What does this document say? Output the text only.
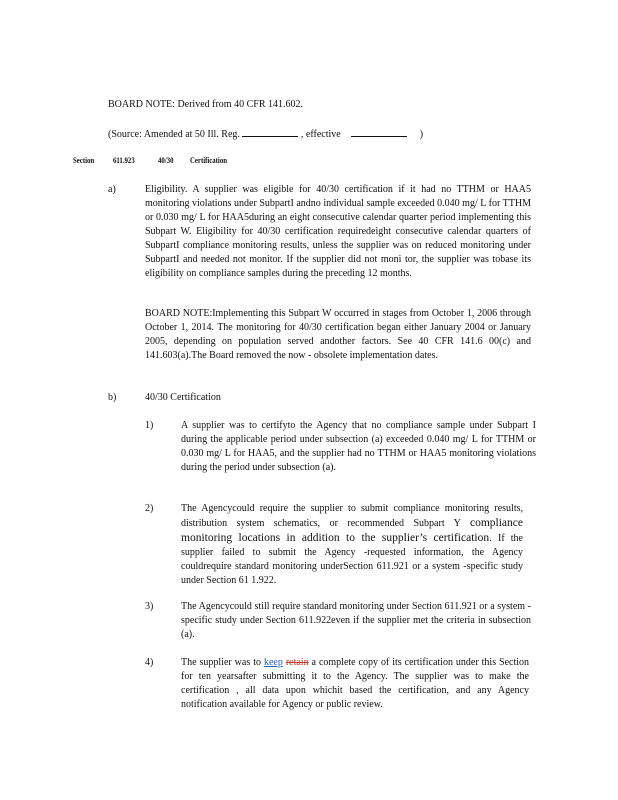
BOARD NOTE: Derived from 40 CFR 141.602.
(Source: Amended at 50 Ill. Reg.	, effective	)
Section 611.923	40/30 Certification
a)	Eligibility. A supplier was eligible for 40/30 certification if it had no TTHM or HAA5 monitoring violations under SubpartI andno individual sample exceeded 0.040 mg/ L for TTHM or 0.030 mg/ L for HAA5during an eight consecutive calendar quarter period implementing this Subpart W. Eligibility for 40/30 certification requiredeight consecutive calendar quarters of SubpartI compliance monitoring results, unless the supplier was on reduced monitoring under SubpartI and needed not monitor. If the supplier did not moni tor, the supplier was tobase its eligibility on compliance samples during the preceding 12 months.
BOARD NOTE:Implementing this Subpart W occurred in stages from October 1, 2006 through October 1, 2014. The monitoring for 40/30 certification began either January 2004 or January 2005, depending on population served andother factors. See 40 CFR 141.6 00(c) and 141.603(a).The Board removed the now - obsolete implementation dates.
b)	40/30 Certification
1)	A supplier was to certifyto the Agency that no compliance sample under Subpart I during the applicable period under subsection (a) exceeded 0.040 mg/ L for TTHM or 0.030 mg/ L for HAA5, and the supplier had no TTHM or HAA5 monitoring violations during the period under subsection (a).
2)	The Agencycould require the supplier to submit compliance monitoring results, distribution system schematics, or recommended Subpart Y compliance monitoring locations in addition to the supplier’s certification. If the supplier failed to submit the Agency -requested information, the Agency couldrequire standard monitoring underSection 611.921 or a system -specific study under Section 61 1.922.
3)	The Agencycould still require standard monitoring under Section 611.921 or a system -specific study under Section 611.922even if the supplier met the criteria in subsection (a).
4)	The supplier was to keep retain a complete copy of its certification under this Section for ten yearsafter submitting it to the Agency. The supplier was to make the certification , all data upon whichit based the certification, and any Agency notification available for Agency or public review.
